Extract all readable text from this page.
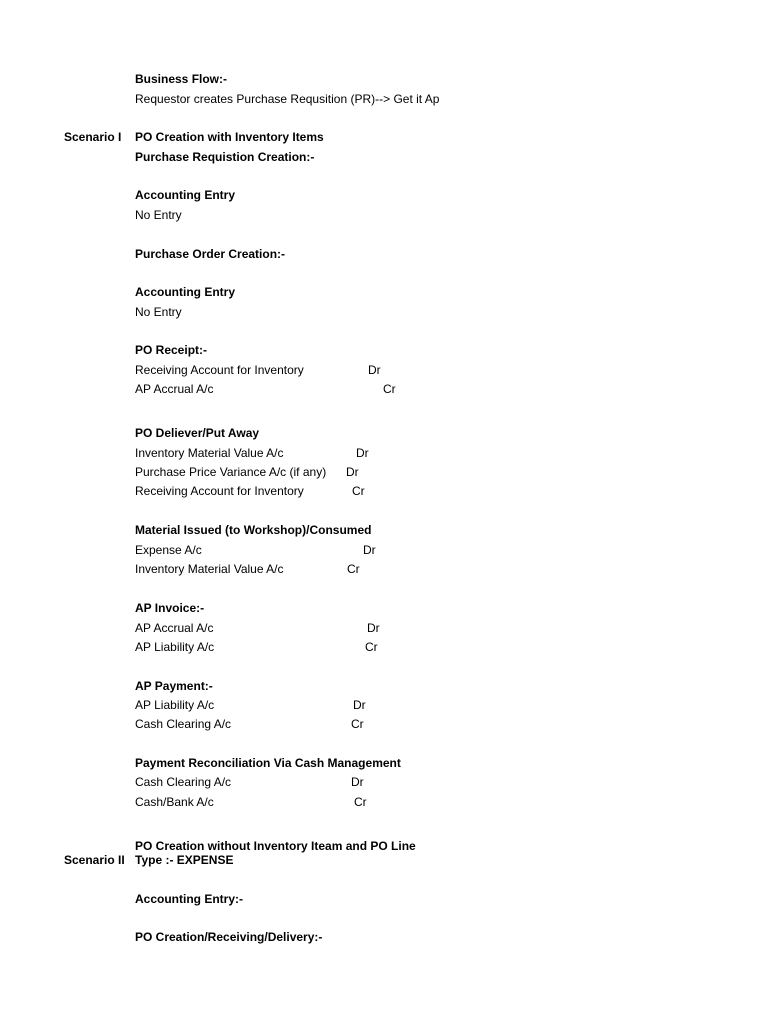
Business Flow:-
Requestor creates Purchase Requsition (PR)--> Get it Ap
Scenario I PO Creation with Inventory Items
Purchase Requistion Creation:-
Accounting Entry
No Entry
Purchase Order Creation:-
Accounting Entry
No Entry
PO Receipt:-
Receiving Account for Inventory	Dr
AP Accrual A/c	Cr
PO Deliever/Put Away
Inventory Material Value A/c	Dr
Purchase Price Variance A/c (if any) Dr
Receiving Account for Inventory	Cr
Material Issued (to Workshop)/Consumed
Expense A/c	Dr
Inventory Material Value A/c	Cr
AP Invoice:-
AP Accrual A/c	Dr
AP Liability A/c	Cr
AP Payment:-
AP Liability A/c	Dr
Cash Clearing A/c	Cr
Payment Reconciliation Via Cash Management
Cash Clearing A/c	Dr
Cash/Bank A/c	Cr
PO Creation without Inventory Iteam and PO Line
Scenario II Type :- EXPENSE
Accounting Entry:-
PO Creation/Receiving/Delivery:-
